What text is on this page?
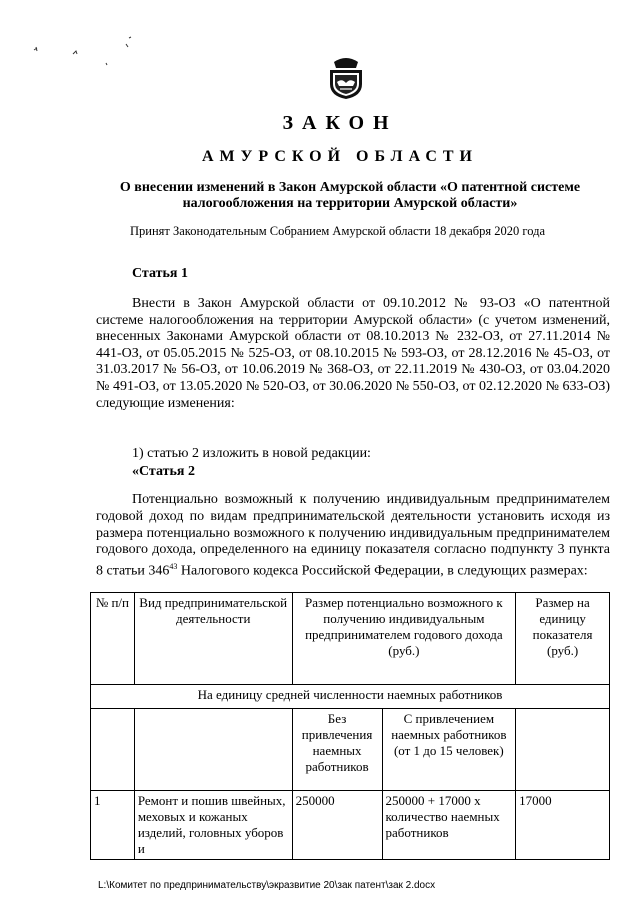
ЗАКОН
АМУРСКОЙ ОБЛАСТИ
О внесении изменений в Закон Амурской области «О патентной системе налогообложения на территории Амурской области»
Принят Законодательным Собранием Амурской области 18 декабря 2020 года
Статья 1
Внести в Закон Амурской области от 09.10.2012 № 93-ОЗ «О патентной системе налогообложения на территории Амурской области» (с учетом изменений, внесенных Законами Амурской области от 08.10.2013 № 232-ОЗ, от 27.11.2014 № 441-ОЗ, от 05.05.2015 № 525-ОЗ, от 08.10.2015 № 593-ОЗ, от 28.12.2016 № 45-ОЗ, от 31.03.2017 № 56-ОЗ, от 10.06.2019 № 368-ОЗ, от 22.11.2019 № 430-ОЗ, от 03.04.2020 № 491-ОЗ, от 13.05.2020 № 520-ОЗ, от 30.06.2020 № 550-ОЗ, от 02.12.2020 № 633-ОЗ) следующие изменения:
1) статью 2 изложить в новой редакции:
«Статья 2
Потенциально возможный к получению индивидуальным предпринимателем годовой доход по видам предпринимательской деятельности установить исходя из размера потенциально возможного к получению индивидуальным предпринимателем годового дохода, определенного на единицу показателя согласно подпункту 3 пункта 8 статьи $346^{43}$ Налогового кодекса Российской Федерации, в следующих размерах:
№ п/п	Вид предпринимательской деятельности	Размер потенциально возможного к получению индивидуальным предпринимателем годового дохода (руб.)		Размер на единицу показателя (руб.)
На единицу средней численности наемных работников				
		Без привлечения наемных работников	С привлечением наемных работников (от 1 до 15 человек)	
1	Ремонт и пошив швейных, меховых и кожаных изделий, головных уборов и	250000	250000 + 17000 x количество наемных работников	17000
L:\Комитет по предпринимательству\экразвитие 20\зак патент\зак 2.docx
